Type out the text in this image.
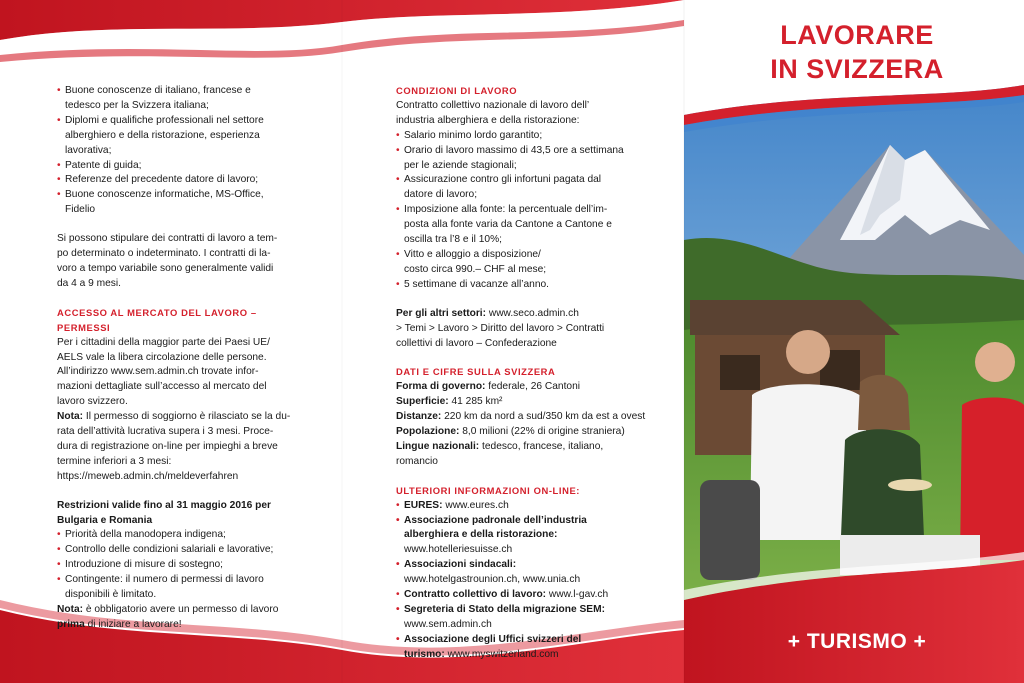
LAVORARE
IN SVIZZERA
+ TURISMO +
• Buone conoscenze di italiano, francese e
tedesco per la Svizzera italiana;
• Diplomi e qualifiche professionali nel settore
alberghiero e della ristorazione, esperienza
lavorativa;
• Patente di guida;
• Referenze del precedente datore di lavoro;
• Buone conoscenze informatiche, MS-Office,
Fidelio

Si possono stipulare dei contratti di lavoro a tem-

po determinato o indeterminato. I contratti di la-

voro a tempo variabile sono generalmente validi

da 4 a 9 mesi.

ACCESSO AL MERCATO DEL LAVORO – PERMESSI

Per i cittadini della maggior parte dei Paesi UE/

AELS vale la libera circolazione delle persone.

All’indirizzo www.sem.admin.ch trovate infor-

mazioni dettagliate sull’accesso al mercato del

lavoro svizzero.

Nota: Il permesso di soggiorno è rilasciato se la du-

rata dell’attività lucrativa supera i 3 mesi. Proce-

dura di registrazione on-line per impieghi a breve

termine inferiori a 3 mesi:

https://meweb.admin.ch/meldeverfahren

Restrizioni valide fino al 31 maggio 2016 per

Bulgaria e Romania

• Priorità della manodopera indigena;
• Controllo delle condizioni salariali e lavorative;
• Introduzione di misure di sostegno;
• Contingente: il numero di permessi di lavoro
disponibili è limitato.

Nota: è obbligatorio avere un permesso di lavoro

prima di iniziare a lavorare!

CONDIZIONI DI LAVORO

Contratto collettivo nazionale di lavoro dell’

industria alberghiera e della ristorazione:

• Salario minimo lordo garantito;
• Orario di lavoro massimo di 43,5 ore a settimana
per le aziende stagionali;
• Assicurazione contro gli infortuni pagata dal
datore di lavoro;
• Imposizione alla fonte: la percentuale dell’im-
posta alla fonte varia da Cantone a Cantone e
oscilla tra l’8 e il 10%;
• Vitto e alloggio a disposizione/
costo circa 990.– CHF al mese;
• 5 settimane di vacanze all’anno.

Per gli altri settori: www.seco.admin.ch

> Temi > Lavoro > Diritto del lavoro > Contratti

collettivi di lavoro – Confederazione

DATI E CIFRE SULLA SVIZZERA

Forma di governo: federale, 26 Cantoni

Superficie: 41 285 km²

Distanze: 220 km da nord a sud/350 km da est a ovest

Popolazione: 8,0 milioni (22% di origine straniera)

Lingue nazionali: tedesco, francese, italiano,

romancio

ULTERIORI INFORMAZIONI ON-LINE:

• EURES: www.eures.ch
• Associazione padronale dell’industria
alberghiera e della ristorazione:
www.hotelleriesuisse.ch
• Associazioni sindacali:
www.hotelgastrounion.ch, www.unia.ch
• Contratto collettivo di lavoro: www.l-gav.ch
• Segreteria di Stato della migrazione SEM:
www.sem.admin.ch
• Associazione degli Uffici svizzeri del
turismo: www.myswitzerland.com
